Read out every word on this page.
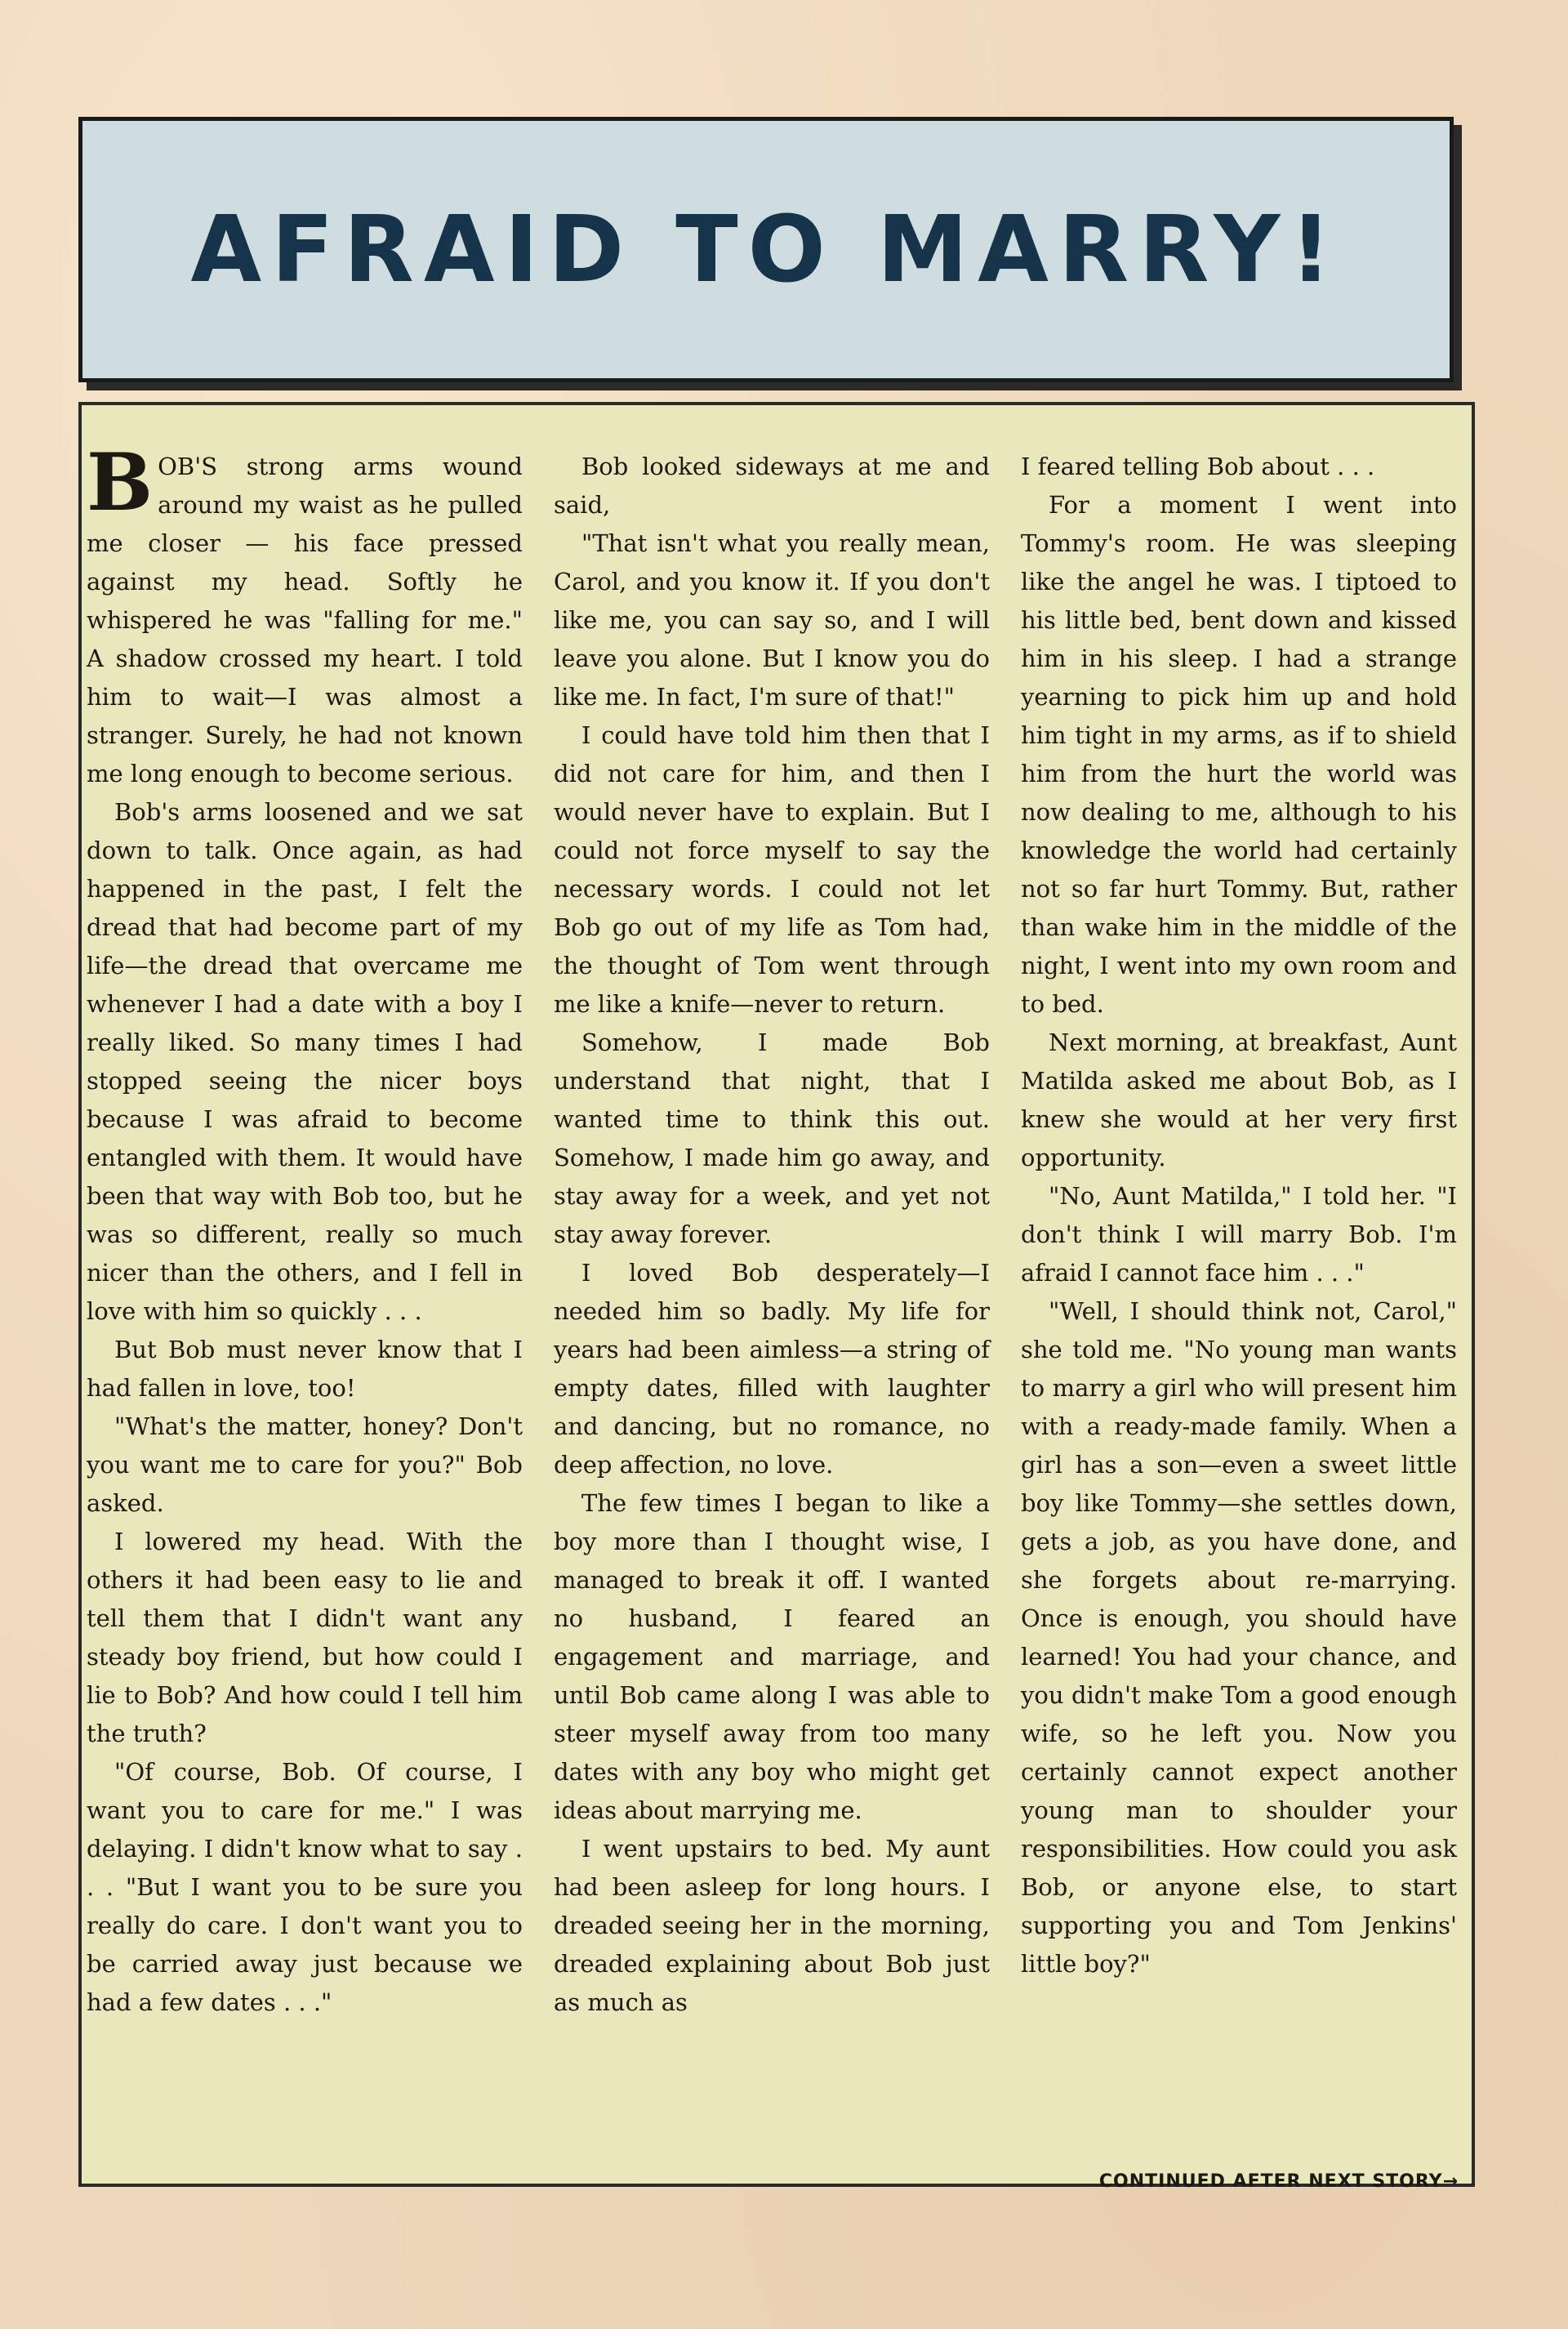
AFRAID TO MARRY!

BOB'S strong arms wound around my waist as he pulled me closer — his face pressed against my head. Softly he whispered he was "falling for me." A shadow crossed my heart. I told him to wait—I was almost a stranger. Surely, he had not known me long enough to become serious.

Bob's arms loosened and we sat down to talk. Once again, as had happened in the past, I felt the dread that had become part of my life—the dread that overcame me whenever I had a date with a boy I really liked. So many times I had stopped seeing the nicer boys because I was afraid to become entangled with them. It would have been that way with Bob too, but he was so different, really so much nicer than the others, and I fell in love with him so quickly . . .

But Bob must never know that I had fallen in love, too!

"What's the matter, honey? Don't you want me to care for you?" Bob asked.

I lowered my head. With the others it had been easy to lie and tell them that I didn't want any steady boy friend, but how could I lie to Bob? And how could I tell him the truth?

"Of course, Bob. Of course, I want you to care for me." I was delaying. I didn't know what to say . . . "But I want you to be sure you really do care. I don't want you to be carried away just because we had a few dates . . ."

Bob looked sideways at me and said,

"That isn't what you really mean, Carol, and you know it. If you don't like me, you can say so, and I will leave you alone. But I know you do like me. In fact, I'm sure of that!"

I could have told him then that I did not care for him, and then I would never have to explain. But I could not force myself to say the necessary words. I could not let Bob go out of my life as Tom had, the thought of Tom went through me like a knife—never to return.

Somehow, I made Bob understand that night, that I wanted time to think this out. Somehow, I made him go away, and stay away for a week, and yet not stay away forever.

I loved Bob desperately—I needed him so badly. My life for years had been aimless—a string of empty dates, filled with laughter and dancing, but no romance, no deep affection, no love.

The few times I began to like a boy more than I thought wise, I managed to break it off. I wanted no husband, I feared an engagement and marriage, and until Bob came along I was able to steer myself away from too many dates with any boy who might get ideas about marrying me.

I went upstairs to bed. My aunt had been asleep for long hours. I dreaded seeing her in the morning, dreaded explaining about Bob just as much as

I feared telling Bob about . . .

For a moment I went into Tommy's room. He was sleeping like the angel he was. I tiptoed to his little bed, bent down and kissed him in his sleep. I had a strange yearning to pick him up and hold him tight in my arms, as if to shield him from the hurt the world was now dealing to me, although to his knowledge the world had certainly not so far hurt Tommy. But, rather than wake him in the middle of the night, I went into my own room and to bed.

Next morning, at breakfast, Aunt Matilda asked me about Bob, as I knew she would at her very first opportunity.

"No, Aunt Matilda," I told her. "I don't think I will marry Bob. I'm afraid I cannot face him . . ."

"Well, I should think not, Carol," she told me. "No young man wants to marry a girl who will present him with a ready-made family. When a girl has a son—even a sweet little boy like Tommy—she settles down, gets a job, as you have done, and she forgets about re-marrying. Once is enough, you should have learned! You had your chance, and you didn't make Tom a good enough wife, so he left you. Now you certainly cannot expect another young man to shoulder your responsibilities. How could you ask Bob, or anyone else, to start supporting you and Tom Jenkins' little boy?"

CONTINUED AFTER NEXT STORY→
